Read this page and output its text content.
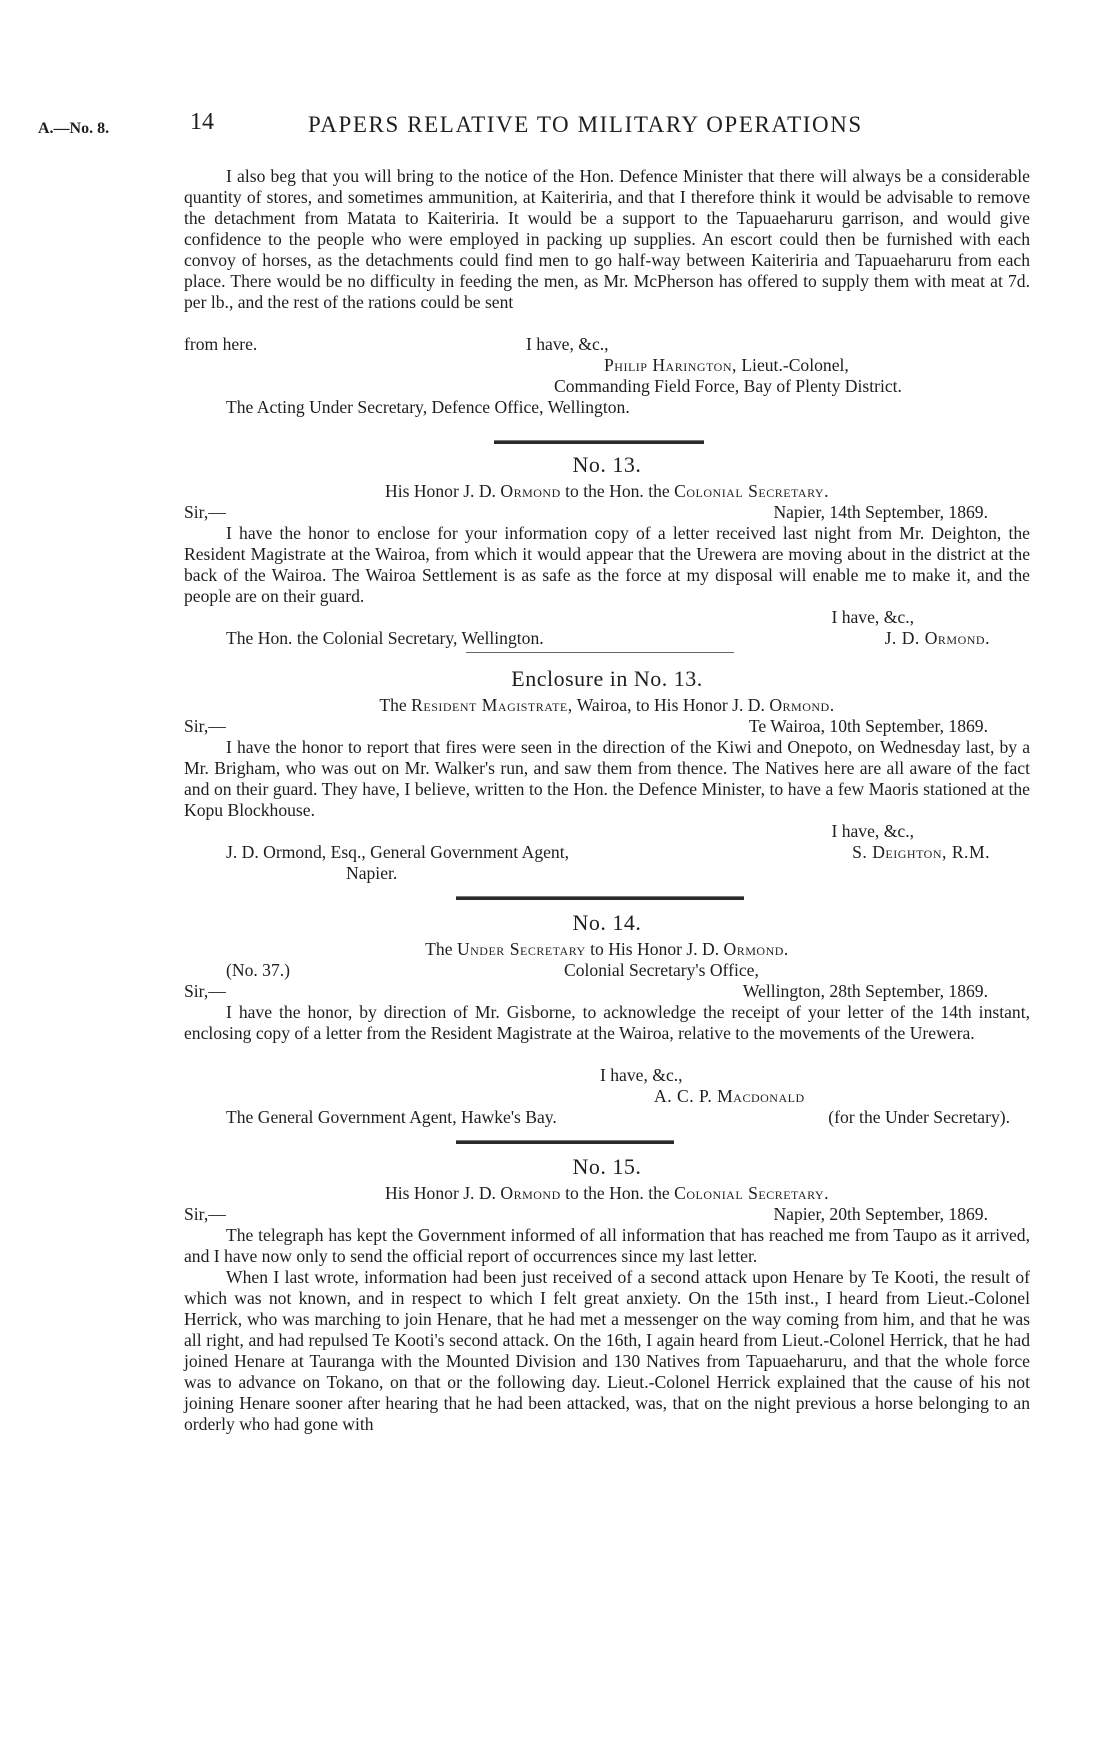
A.—No. 8.	14	PAPERS RELATIVE TO MILITARY OPERATIONS

I also beg that you will bring to the notice of the Hon. Defence Minister that there will always be a considerable quantity of stores, and sometimes ammunition, at Kaiteriria, and that I therefore think it would be advisable to remove the detachment from Matata to Kaiteriria. It would be a support to the Tapuaeharuru garrison, and would give confidence to the people who were employed in packing up supplies. An escort could then be furnished with each convoy of horses, as the detachments could find men to go half-way between Kaiteriria and Tapuaeharuru from each place. There would be no difficulty in feeding the men, as Mr. McPherson has offered to supply them with meat at 7d. per lb., and the rest of the rations could be sent

from here.	I have, &c.,
Philip Harington, Lieut.-Colonel,
Commanding Field Force, Bay of Plenty District.
The Acting Under Secretary, Defence Office, Wellington.
No. 13.
His Honor J. D. Ormond to the Hon. the Colonial Secretary.
Sir,—	Napier, 14th September, 1869.

I have the honor to enclose for your information copy of a letter received last night from Mr. Deighton, the Resident Magistrate at the Wairoa, from which it would appear that the Urewera are moving about in the district at the back of the Wairoa. The Wairoa Settlement is as safe as the force at my disposal will enable me to make it, and the people are on their guard.

I have, &c.,
The Hon. the Colonial Secretary, Wellington.	J. D. Ormond.
Enclosure in No. 13.
The Resident Magistrate, Wairoa, to His Honor J. D. Ormond.
Sir,—	Te Wairoa, 10th September, 1869.

I have the honor to report that fires were seen in the direction of the Kiwi and Onepoto, on Wednesday last, by a Mr. Brigham, who was out on Mr. Walker's run, and saw them from thence. The Natives here are all aware of the fact and on their guard. They have, I believe, written to the Hon. the Defence Minister, to have a few Maoris stationed at the Kopu Blockhouse.

I have, &c.,
J. D. Ormond, Esq., General Government Agent,
Napier.
S. Deighton, R.M.
No. 14.
The Under Secretary to His Honor J. D. Ormond.
(No. 37.)	Colonial Secretary's Office,
Sir,—	Wellington, 28th September, 1869.

I have the honor, by direction of Mr. Gisborne, to acknowledge the receipt of your letter of the 14th instant, enclosing copy of a letter from the Resident Magistrate at the Wairoa, relative to the movements of the Urewera.

I have, &c.,
A. C. P. Macdonald
The General Government Agent, Hawke's Bay.	(for the Under Secretary).
No. 15.
His Honor J. D. Ormond to the Hon. the Colonial Secretary.
Sir,—	Napier, 20th September, 1869.

The telegraph has kept the Government informed of all information that has reached me from Taupo as it arrived, and I have now only to send the official report of occurrences since my last letter.

When I last wrote, information had been just received of a second attack upon Henare by Te Kooti, the result of which was not known, and in respect to which I felt great anxiety. On the 15th inst., I heard from Lieut.-Colonel Herrick, who was marching to join Henare, that he had met a messenger on the way coming from him, and that he was all right, and had repulsed Te Kooti's second attack. On the 16th, I again heard from Lieut.-Colonel Herrick, that he had joined Henare at Tauranga with the Mounted Division and 130 Natives from Tapuaeharuru, and that the whole force was to advance on Tokano, on that or the following day. Lieut.-Colonel Herrick explained that the cause of his not joining Henare sooner after hearing that he had been attacked, was, that on the night previous a horse belonging to an orderly who had gone with
